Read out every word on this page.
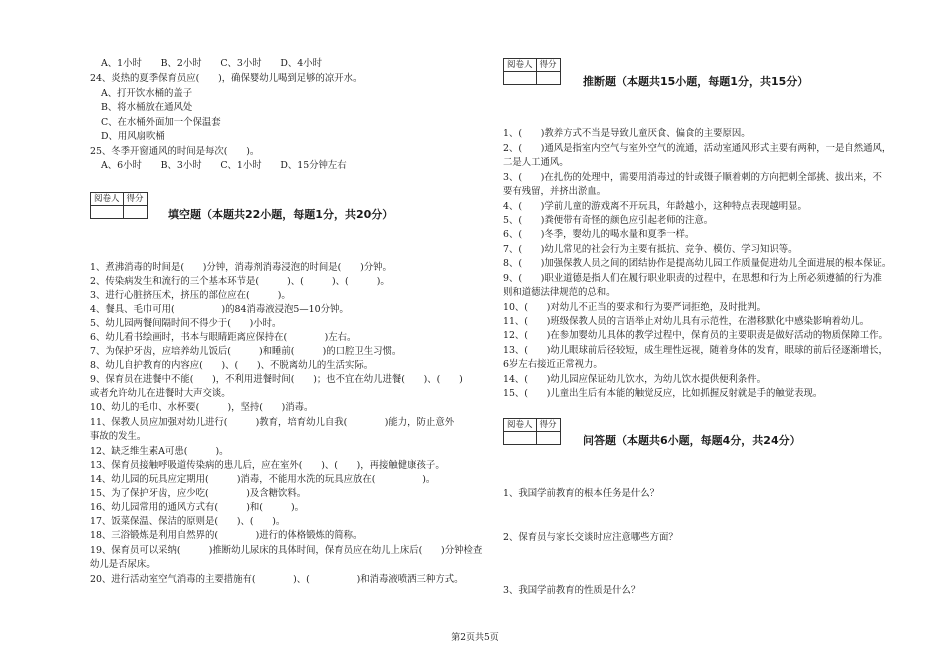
A、1小时　　B、2小时　　C、3小时　　D、4小时
24、炎热的夏季保育员应(　　)，确保婴幼儿喝到足够的凉开水。
A、打开饮水桶的盖子
B、将水桶放在通风处
C、在水桶外面加一个保温套
D、用风扇吹桶
25、冬季开窗通风的时间是每次(　　)。
A、6小时　　B、3小时　　C、1小时　　D、15分钟左右
阅卷人	得分

填空题（本题共22小题，每题1分，共20分）
1、煮沸消毒的时间是(　　)分钟，消毒剂消毒浸泡的时间是(　　)分钟。
2、传染病发生和流行的三个基本环节是(　　　)、(　　　)、(　　　)。
3、进行心脏挤压术，挤压的部位应在(　　　)。
4、餐具、毛巾可用(　　　　　)的84消毒液浸泡5—10分钟。
5、幼儿园两餐间隔时间不得少于(　　)小时。
6、幼儿看书绘画时，书本与眼睛距离应保持在(　　　　)左右。
7、为保护牙齿，应培养幼儿饭后(　　　)和睡前(　　　)的口腔卫生习惯。
8、幼儿自护教育的内容应(　　)、(　　)、不脱离幼儿的生活实际。
9、保育员在进餐中不能(　　)，不利用进餐时间(　　)；也不宜在幼儿进餐(　　)、(　　)
或者允许幼儿在进餐时大声交谈。
10、幼儿的毛巾、水杯要(　　　)，坚持(　　)消毒。
11、保教人员应加强对幼儿进行(　　　)教育，培育幼儿自我(　　　　)能力，防止意外
事故的发生。
12、缺乏维生素A可患(　　　)。
13、保育员接触呼吸道传染病的患儿后，应在室外(　　)、(　　)，再接触健康孩子。
14、幼儿园的玩具应定期用(　　　)消毒，不能用水洗的玩具应放在(　　　　　)。
15、为了保护牙齿，应少吃(　　　　)及含糖饮料。
16、幼儿园常用的通风方式有(　　　)和(　　　)。
17、饭菜保温、保洁的原则是(　　)、(　　)。
18、三浴锻炼是利用自然界的(　　　　)进行的体格锻炼的简称。
19、保育员可以采纳(　　　)推断幼儿尿床的具体时间，保育员应在幼儿上床后(　　)分钟检查
幼儿是否尿床。
20、进行活动室空气消毒的主要措施有(　　　　)、(　　　　　)和消毒液喷洒三种方式。
阅卷人	得分

推断题（本题共15小题，每题1分，共15分）
1、(　　)教养方式不当是导致儿童厌食、偏食的主要原因。
2、(　　)通风是指室内空气与室外空气的流通，活动室通风形式主要有两种，一是自然通风，
二是人工通风。
3、(　　)在扎伤的处理中，需要用消毒过的针或镊子顺着刺的方向把刺全部挑、拔出来，不
要有残留，并挤出淤血。
4、(　　)学前儿童的游戏离不开玩具，年龄越小，这种特点表现越明显。
5、(　　)粪便带有奇怪的颜色应引起老师的注意。
6、(　　)冬季，婴幼儿的喝水量和夏季一样。
7、(　　)幼儿常见的社会行为主要有抵抗、竞争、模仿、学习知识等。
8、(　　)加强保教人员之间的团结协作是提高幼儿园工作质量促进幼儿全面进展的根本保证。
9、(　　)职业道德是指人们在履行职业职责的过程中，在思想和行为上所必须遵循的行为准
则和道德法律规范的总和。
10、(　　)对幼儿不正当的要求和行为要严词拒绝，及时批判。
11、(　　)班级保教人员的言语举止对幼儿具有示范性，在潜移默化中感染影响着幼儿。
12、(　　)在参加婴幼儿具体的教学过程中，保育员的主要职责是做好活动的物质保障工作。
13、(　　)幼儿眼球前后径较短，成生理性远视，随着身体的发育，眼球的前后径逐渐增长，
6岁左右接近正常视力。
14、(　　)幼儿园应保证幼儿饮水，为幼儿饮水提供便利条件。
15、(　　)儿童出生后有本能的触觉反应，比如抓握反射就是手的触觉表现。
阅卷人	得分

问答题（本题共6小题，每题4分，共24分）
1、我国学前教育的根本任务是什么？
2、保育员与家长交谈时应注意哪些方面？
3、我国学前教育的性质是什么？
第2页共5页
